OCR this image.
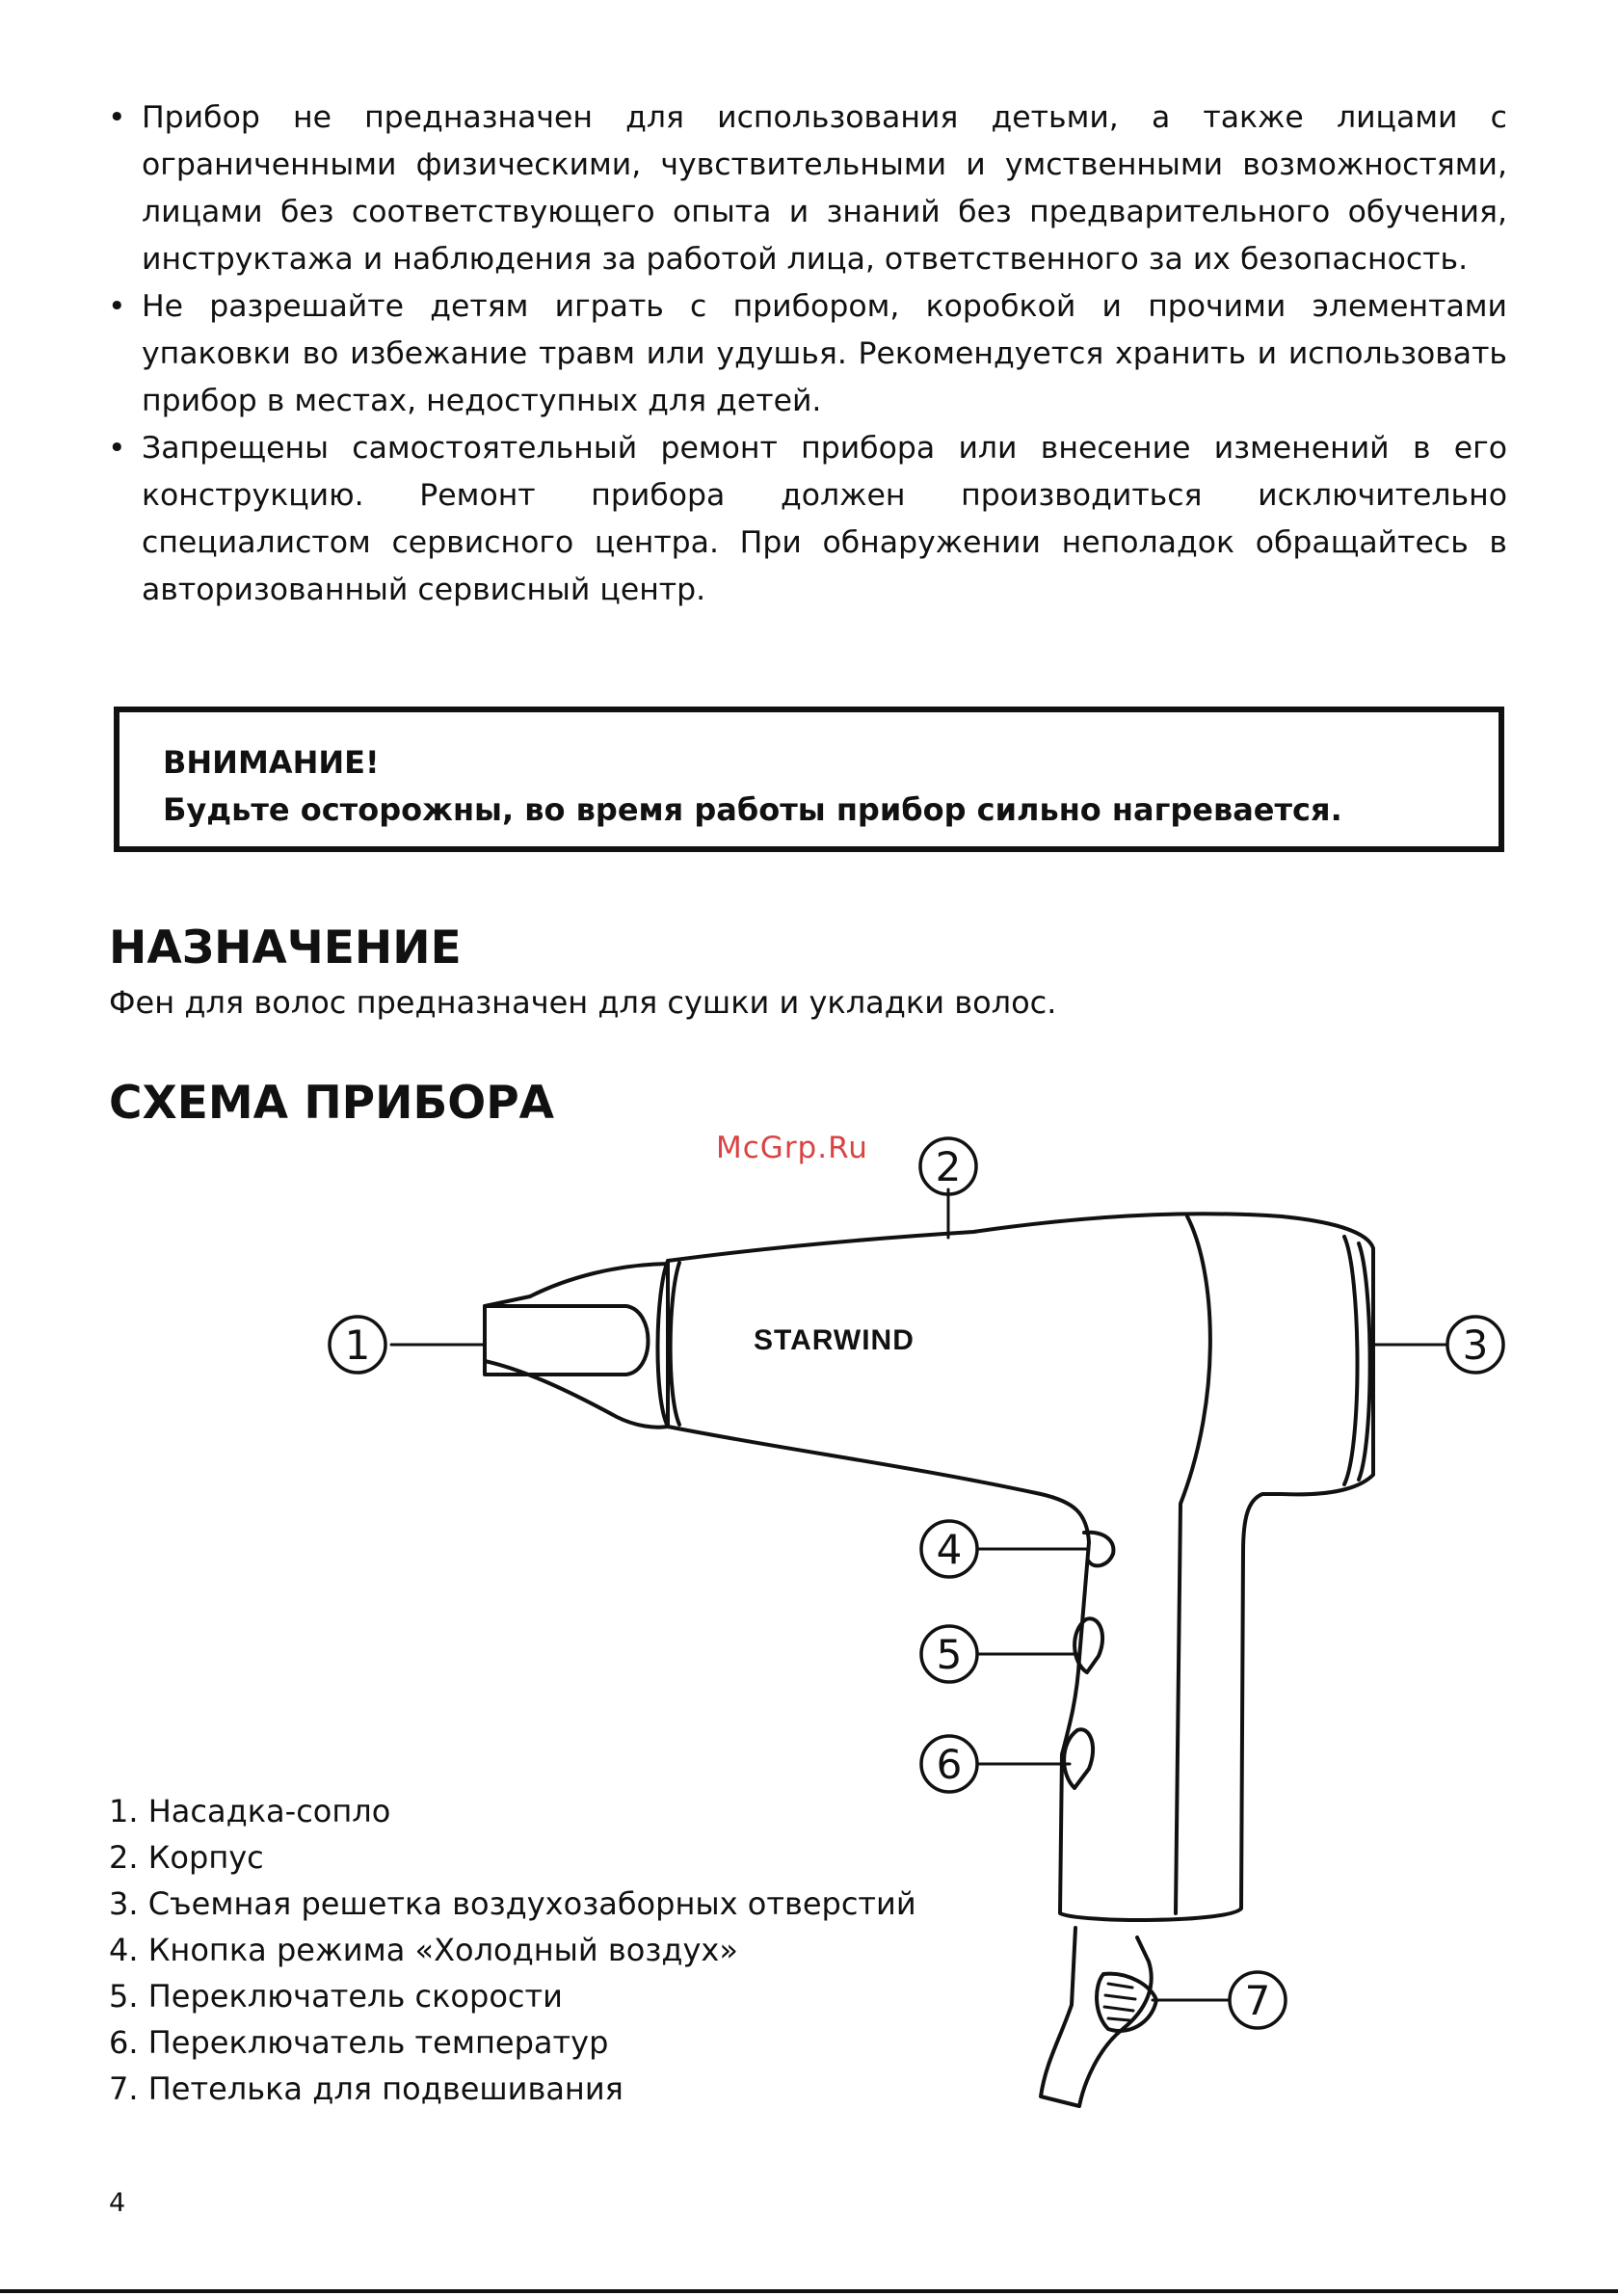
• Прибор не предназначен для использования детьми, а также лицами с ограниченными физическими, чувствительными и умственными возможностями, лицами без соответствующего опыта и знаний без предварительного обучения, инструктажа и наблюдения за работой лица, ответственного за их безопасность.
• Не разрешайте детям играть с прибором, коробкой и прочими элементами упаковки во избежание травм или удушья. Рекомендуется хранить и использовать прибор в местах, недоступных для детей.
• Запрещены самостоятельный ремонт прибора или внесение изменений в его конструкцию. Ремонт прибора должен производиться исключительно специалистом сервисного центра. При обнаружении неполадок обращайтесь в авторизованный сервисный центр.
ВНИМАНИЕ!
Будьте осторожны, во время работы прибор сильно нагревается.
НАЗНАЧЕНИЕ

Фен для волос предназначен для сушки и укладки волос.

СХЕМА ПРИБОРА
McGrp.Ru
1
2
3
4
5
6
7
STARWIND
1. Насадка-сопло
2. Корпус
3. Съемная решетка воздухозаборных отверстий
4. Кнопка режима «Холодный воздух»
5. Переключатель скорости
6. Переключатель температур
7. Петелька для подвешивания
4
